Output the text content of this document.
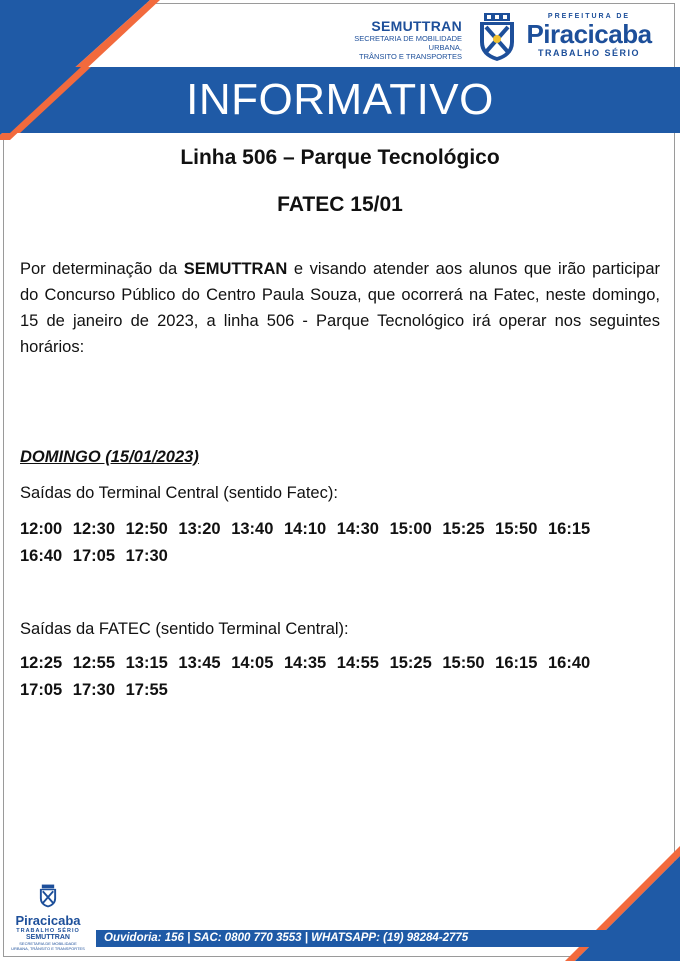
SEMUTTRAN
SECRETARIA DE MOBILIDADE URBANA,
TRÂNSITO E TRANSPORTES
PREFEITURA DE
Piracicaba
TRABALHO SÉRIO
INFORMATIVO
Linha 506 – Parque Tecnológico
FATEC 15/01
Por determinação da SEMUTTRAN e visando atender aos alunos que irão participar do Concurso Público do Centro Paula Souza, que ocorrerá na Fatec, neste domingo, 15 de janeiro de 2023, a linha 506 - Parque Tecnológico irá operar nos seguintes horários:
DOMINGO (15/01/2023)
Saídas do Terminal Central (sentido Fatec):
12:00 12:30 12:50 13:20 13:40 14:10 14:30 15:00 15:25 15:50 16:15
16:40 17:05 17:30
Saídas da FATEC (sentido Terminal Central):
12:25 12:55 13:15 13:45 14:05 14:35 14:55 15:25 15:50 16:15 16:40
17:05 17:30 17:55
Piracicaba
TRABALHO SÉRIO
SEMUTTRAN
SECRETARIA DE MOBILIDADE URBANA, TRÂNSITO E TRANSPORTES
Ouvidoria: 156 | SAC: 0800 770 3553 | WHATSAPP: (19) 98284-2775
